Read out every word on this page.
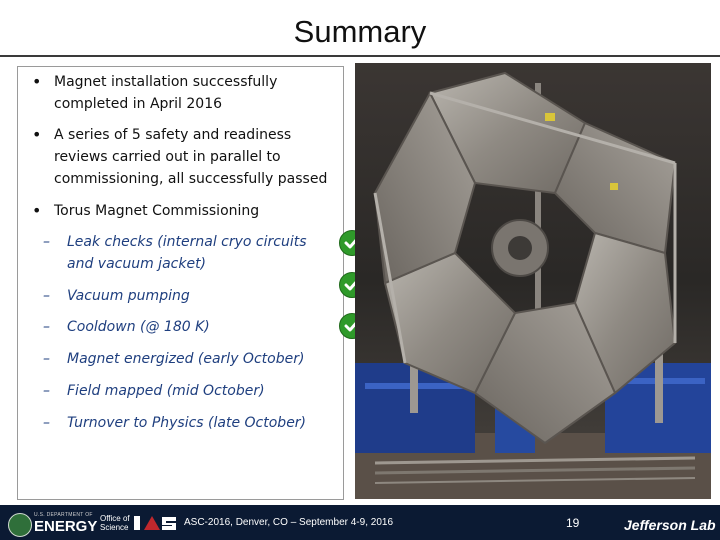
Summary
• Magnet installation successfully completed in April 2016
• A series of 5 safety and readiness reviews carried out in parallel to commissioning, all successfully passed
• Torus Magnet Commissioning
– Leak checks (internal cryo circuits and vacuum jacket)
– Vacuum pumping
– Cooldown (@ 180 K)
– Magnet energized (early October)
– Field mapped (mid October)
– Turnover to Physics (late October)
U.S. DEPARTMENT OF
ENERGY Office of Science	ASC-2016, Denver, CO – September 4-9, 2016	19	Jefferson Lab
